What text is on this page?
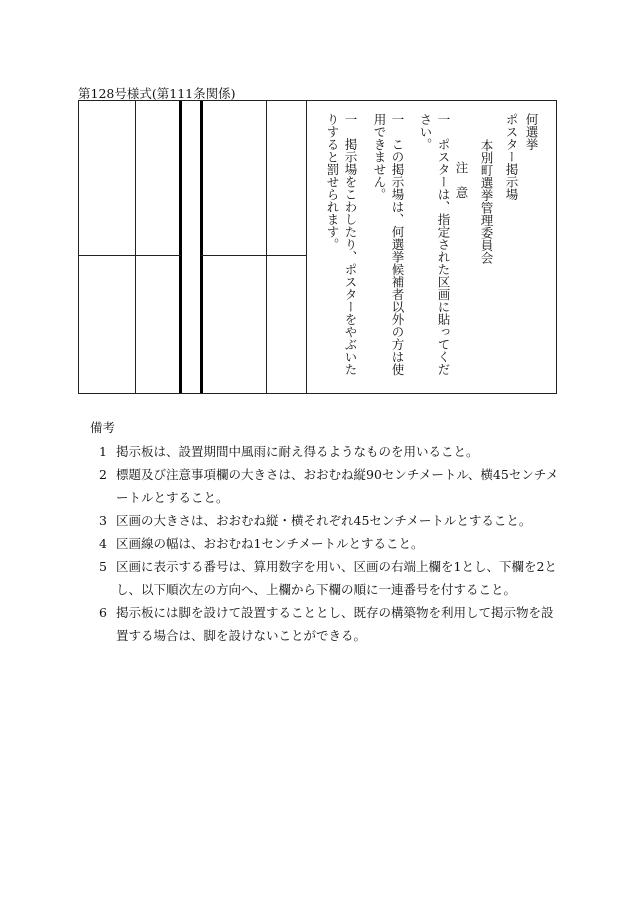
第128号様式(第111条関係)
何選挙
ポスター掲示場
本別町選挙管理委員会
注　意
一　ポスターは、指定された区画に貼ってください。
一　この掲示場は、何選挙候補者以外の方は使用できません。
一　掲示場をこわしたり、ポスターをやぶいたりすると罰せられます。
備考
1 掲示板は、設置期間中風雨に耐え得るようなものを用いること。
2 標題及び注意事項欄の大きさは、おおむね縦90センチメートル、横45センチメートルとすること。
3 区画の大きさは、おおむね縦・横それぞれ45センチメートルとすること。
4 区画線の幅は、おおむね1センチメートルとすること。
5 区画に表示する番号は、算用数字を用い、区画の右端上欄を1とし、下欄を2とし、以下順次左の方向へ、上欄から下欄の順に一連番号を付すること。
6 掲示板には脚を設けて設置することとし、既存の構築物を利用して掲示物を設置する場合は、脚を設けないことができる。
